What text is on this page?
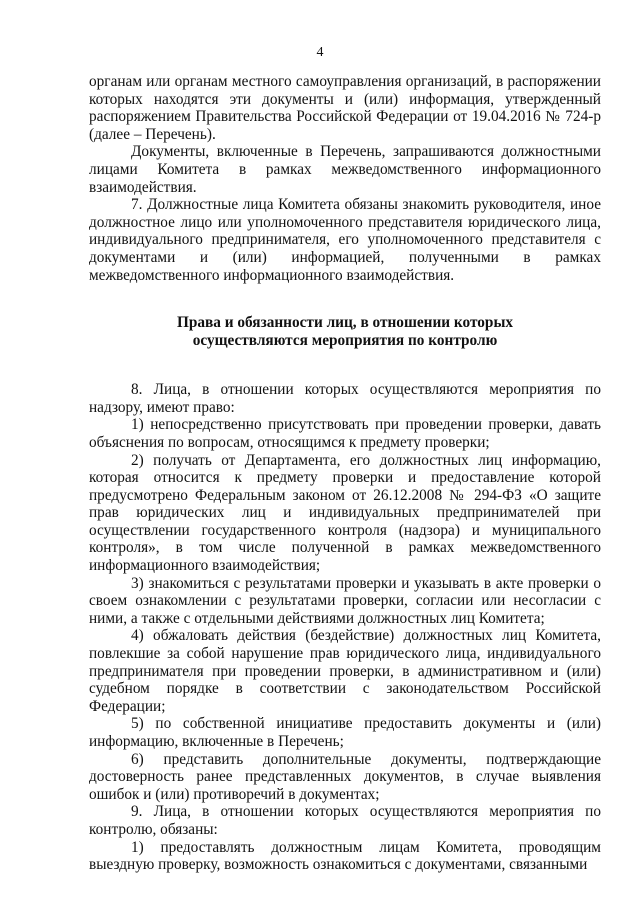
4

органам или органам местного самоуправления организаций, в распоряжении которых находятся эти документы и (или) информация, утвержденный распоряжением Правительства Российской Федерации от 19.04.2016 № 724-р (далее – Перечень).

Документы, включенные в Перечень, запрашиваются должностными лицами Комитета в рамках межведомственного информационного взаимодействия.

7. Должностные лица Комитета обязаны знакомить руководителя, иное должностное лицо или уполномоченного представителя юридического лица, индивидуального предпринимателя, его уполномоченного представителя с документами и (или) информацией, полученными в рамках межведомственного информационного взаимодействия.

Права и обязанности лиц, в отношении которых
осуществляются мероприятия по контролю

8. Лица, в отношении которых осуществляются мероприятия по надзору, имеют право:

1) непосредственно присутствовать при проведении проверки, давать объяснения по вопросам, относящимся к предмету проверки;

2) получать от Департамента, его должностных лиц информацию, которая относится к предмету проверки и предоставление которой предусмотрено Федеральным законом от 26.12.2008 № 294-ФЗ «О защите прав юридических лиц и индивидуальных предпринимателей при осуществлении государственного контроля (надзора) и муниципального контроля», в том числе полученной в рамках межведомственного информационного взаимодействия;

3) знакомиться с результатами проверки и указывать в акте проверки о своем ознакомлении с результатами проверки, согласии или несогласии с ними, а также с отдельными действиями должностных лиц Комитета;

4) обжаловать действия (бездействие) должностных лиц Комитета, повлекшие за собой нарушение прав юридического лица, индивидуального предпринимателя при проведении проверки, в административном и (или) судебном порядке в соответствии с законодательством Российской Федерации;

5) по собственной инициативе предоставить документы и (или) информацию, включенные в Перечень;

6) представить дополнительные документы, подтверждающие достоверность ранее представленных документов, в случае выявления ошибок и (или) противоречий в документах;

9. Лица, в отношении которых осуществляются мероприятия по контролю, обязаны:

1) предоставлять должностным лицам Комитета, проводящим выездную проверку, возможность ознакомиться с документами, связанными
